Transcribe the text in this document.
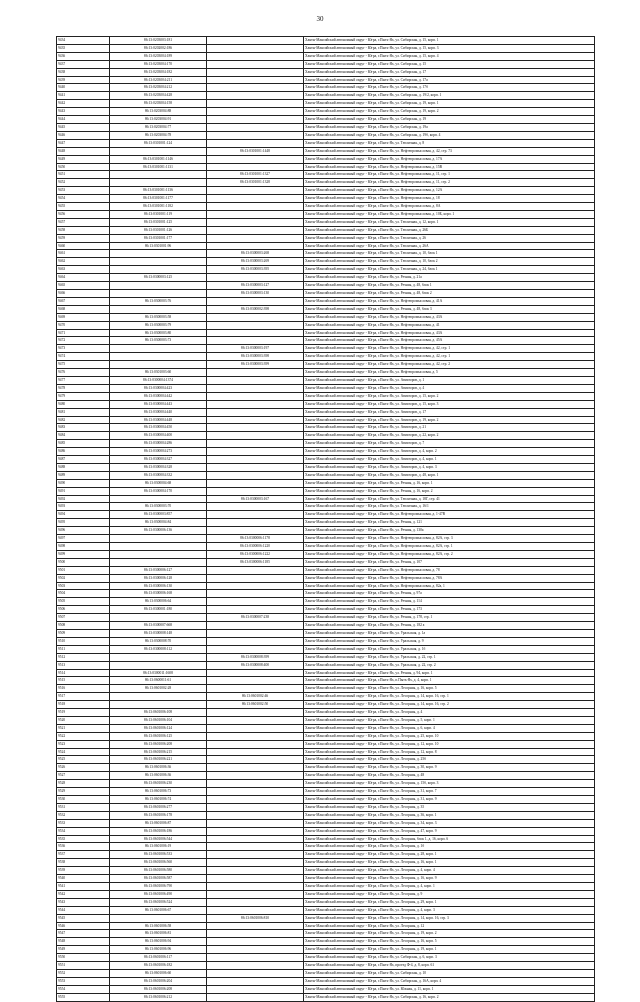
30
9434	86:13:0203003:181		Ханты-Мансийский автономный округ - Югра, г.Пыть-Ях, ул. Сибирская, д. 15, корп. 1
9435	86:13:0202002:186		Ханты-Мансийский автономный округ - Югра, г.Пыть-Ях, ул. Сибирская, д. 15, корп. 3
9436	86:13:0203004:189		Ханты-Мансийский автономный округ - Югра, г.Пыть-Ях, ул. Сибирская, д. 15, корп. 4
9437	86:13:0203004:170		Ханты-Мансийский автономный округ - Югра, г.Пыть-Ях, ул. Сибирская, д. 15
9438	86:13:0203004:182		Ханты-Мансийский автономный округ - Югра, г.Пыть-Ях, ул. Сибирская, д. 17
9439	86:13:0203004:211		Ханты-Мансийский автономный округ - Югра, г.Пыть-Ях, ул. Сибирская, д. 17а
9440	86:13:0203004:212		Ханты-Мансийский автономный округ - Югра, г.Пыть-Ях, ул. Сибирская, д. 17б
9441	86:13:0203004:428		Ханты-Мансийский автономный округ - Югра, г.Пыть-Ях, ул. Сибирская, д. 19/2, корп. 1
9442	86:13:0203004:158		Ханты-Мансийский автономный округ - Югра, г.Пыть-Ях, ул. Сибирская, д. 19, корп. 1
9443	86:13:0203004:88		Ханты-Мансийский автономный округ - Югра, г.Пыть-Ях, ул. Сибирская, д. 19, корп. 2
9444	86:13:0203004:91		Ханты-Мансийский автономный округ - Югра, г.Пыть-Ях, ул. Сибирская, д. 19
9445	86:13:0203004:77		Ханты-Мансийский автономный округ - Югра, г.Пыть-Ях, ул. Сибирская, д. 19а
9446	86:13:0203004:78		Ханты-Мансийский автономный округ - Югра, г.Пыть-Ях, ул. Сибирская, д. 19б, корп. 4
9447	86:13:0301001:124		Ханты-Мансийский автономный округ - Югра, г.Пыть-Ях, ул. Тепличная, д. 8
9448		86:13:0301001:1448	Ханты-Мансийский автономный округ - Югра, г.Пыть-Ях, ул. Нефтепромысловая, д. 42, стр. 73
9449	86:13:0301001:1146		Ханты-Мансийский автономный округ - Югра, г.Пыть-Ях, ул. Нефтепромысловая, д. 17А
9450	86:13:0301001:1131		Ханты-Мансийский автономный округ - Югра, г.Пыть-Ях, ул. Нефтепромысловая, д. 15В
9451		86:13:0301001:1327	Ханты-Мансийский автономный округ - Югра, г.Пыть-Ях, ул. Нефтепромысловая, д. 11, стр. 1
9452		86:13:0301001:1328	Ханты-Мансийский автономный округ - Югра, г.Пыть-Ях, ул. Нефтепромысловая, д. 11, стр. 2
9453	86:13:0301001:1136		Ханты-Мансийский автономный округ - Югра, г.Пыть-Ях, ул. Нефтепромысловая, д. 12А
9454	86:13:0301001:1177		Ханты-Мансийский автономный округ - Югра, г.Пыть-Ях, ул. Нефтепромысловая, д. 18
9455	86:13:0301001:1182		Ханты-Мансийский автономный округ - Югра, г.Пыть-Ях, ул. Нефтепромысловая, д. 8А
9456	86:13:0301001:119		Ханты-Мансийский автономный округ - Югра, г.Пыть-Ях, ул. Нефтепромысловая, д. 10Б, корп. 1
9457	86:13:0301001:125		Ханты-Мансийский автономный округ - Югра, г.Пыть-Ях, ул. Тепличная, д. 12, корп. 1
9458	86:13:0301001:126		Ханты-Мансийский автономный округ - Югра, г.Пыть-Ях, ул. Тепличная, д. 26Б
9459	86:13:0301001:177		Ханты-Мансийский автономный округ - Югра, г.Пыть-Ях, ул. Тепличная, д. 26
9460	86:13:0301001:96		Ханты-Мансийский автономный округ - Югра, г.Пыть-Ях, ул. Тепличная, д. 26А
9461		86:13:0300003:268	Ханты-Мансийский автономный округ - Югра, г.Пыть-Ях, ул. Тепличная, д. 10, блок 1
9462		86:13:0300003:269	Ханты-Мансийский автономный округ - Югра, г.Пыть-Ях, ул. Тепличная, д. 10, блок 2
9463		86:13:0300003:395	Ханты-Мансийский автономный округ - Югра, г.Пыть-Ях, ул. Тепличная, д. 24, блок 1
9464	86:13:0300003:125		Ханты-Мансийский автономный округ - Югра, г.Пыть-Ях, ул. Речная, д. 21а
9465		86:13:0300003:127	Ханты-Мансийский автономный округ - Югра, г.Пыть-Ях, ул. Речная, д. 48, блок 1
9466		86:13:0300003:130	Ханты-Мансийский автономный округ - Югра, г.Пыть-Ях, ул. Речная, д. 48, блок 2
9467	86:13:0300003:76		Ханты-Мансийский автономный округ - Югра, г.Пыть-Ях, ул. Нефтепромысловая, д. 41А
9468		86:13:0300002:398	Ханты-Мансийский автономный округ - Югра, г.Пыть-Ях, ул. Речная, д. 48, блок 3
9469	86:13:0300003:58		Ханты-Мансийский автономный округ - Югра, г.Пыть-Ях, ул. Нефтепромысловая, д. 43А
9470	86:13:0300003:79		Ханты-Мансийский автономный округ - Югра, г.Пыть-Ях, ул. Нефтепромысловая, д. 41
9471	86:13:0300003:80		Ханты-Мансийский автономный округ - Югра, г.Пыть-Ях, ул. Нефтепромысловая, д. 43А
9472	86:13:0300003:73		Ханты-Мансийский автономный округ - Югра, г.Пыть-Ях, ул. Нефтепромысловая, д. 45А
9473		86:13:0300003:197	Ханты-Мансийский автономный округ - Югра, г.Пыть-Ях, ул. Нефтепромысловая, д. 42, стр. 1
9474		86:13:0300003:398	Ханты-Мансийский автономный округ - Югра, г.Пыть-Ях, ул. Нефтепромысловая, д. 42, стр. 1
9475		86:13:0300003:399	Ханты-Мансийский автономный округ - Югра, г.Пыть-Ях, ул. Нефтепромысловая, д. 42, стр. 2
9476	86:13:0301003:60		Ханты-Мансийский автономный округ - Югра, г.Пыть-Ях, ул. Нефтепромысловая, д. 5
9477	86:13:0300004:1374		Ханты-Мансийский автономный округ - Югра, г.Пыть-Ях, ул. Авиаторов, д. 1
9478	86:13:0300004:423		Ханты-Мансийский автономный округ - Югра, г.Пыть-Ях, ул. Авиаторов, д. 4
9479	86:13:0300004:442		Ханты-Мансийский автономный округ - Югра, г.Пыть-Ях, ул. Авиаторов, д. 15, корп. 2
9480	86:13:0300004:443		Ханты-Мансийский автономный округ - Югра, г.Пыть-Ях, ул. Авиаторов, д. 15, корп. 3
9481	86:13:0300004:440		Ханты-Мансийский автономный округ - Югра, г.Пыть-Ях, ул. Авиаторов, д. 17
9482	86:13:0300004:448		Ханты-Мансийский автономный округ - Югра, г.Пыть-Ях, ул. Авиаторов, д. 19, корп. 2
9483	86:13:0300004:450		Ханты-Мансийский автономный округ - Югра, г.Пыть-Ях, ул. Авиаторов, д. 21
9484	86:13:0300004:400		Ханты-Мансийский автономный округ - Югра, г.Пыть-Ях, ул. Авиаторов, д. 22, корп. 2
9485	86:13:0300004:286		Ханты-Мансийский автономный округ - Югра, г.Пыть-Ях, ул. Авиаторов, д. 7
9486	86:13:0300004:273		Ханты-Мансийский автономный округ - Югра, г.Пыть-Ях, ул. Авиаторов, д. 4, корп. 2
9487	86:13:0300004:327		Ханты-Мансийский автономный округ - Югра, г.Пыть-Ях, ул. Авиаторов, д. 4, корп. 1
9488	86:13:0300004:328		Ханты-Мансийский автономный округ - Югра, г.Пыть-Ях, ул. Авиаторов, д. 4, корп. 3
9489	86:13:0300004:332		Ханты-Мансийский автономный округ - Югра, г.Пыть-Ях, ул. Авиаторов, д. 48, корп. 1
9490	86:13:0300004:68		Ханты-Мансийский автономный округ - Югра, г.Пыть-Ях, ул. Речная, д. 16, корп. 1
9491	86:13:0300004:170		Ханты-Мансийский автономный округ - Югра, г.Пыть-Ях, ул. Речная, д. 16, корп. 2
9492		86:13:0300003:167	Ханты-Мансийский автономный округ - Югра, г.Пыть-Ях, ул. Тепличная, д. 18Г, стр. 41
9493	86:13:0300003:70		Ханты-Мансийский автономный округ - Югра, г.Пыть-Ях, ул. Тепличная, д. 16/1
9494	86:13:0300003:857		Ханты-Мансийский автономный округ - Югра, г.Пыть-Ях, ул. Нефтепромысловая, д. 1-47В
9495	86:13:0300004:84		Ханты-Мансийский автономный округ - Югра, г.Пыть-Ях, ул. Речная, д. 121
9496	86:13:0300006:136		Ханты-Мансийский автономный округ - Югра, г.Пыть-Ях, ул. Речная, д. 130а
9497		86:13:0300006:1178	Ханты-Мансийский автономный округ - Югра, г.Пыть-Ях, ул. Нефтепромысловая, д. 82А, стр. 3
9498		86:13:0300006:1220	Ханты-Мансийский автономный округ - Югра, г.Пыть-Ях, ул. Нефтепромысловая, д. 82А, стр. 1
9499		86:13:0300006:1222	Ханты-Мансийский автономный округ - Югра, г.Пыть-Ях, ул. Нефтепромысловая, д. 82А, стр. 2
9500		86:13:0300006:1185	Ханты-Мансийский автономный округ - Югра, г.Пыть-Ях, ул. Речная, д. 107
9501	86:13:0300006:127		Ханты-Мансийский автономный округ - Югра, г.Пыть-Ях, ул. Нефтепромысловая, д. 78
9502	86:13:0300006:128		Ханты-Мансийский автономный округ - Югра, г.Пыть-Ях, ул. Нефтепромысловая, д. 78А
9503	86:13:0300006:130		Ханты-Мансийский автономный округ - Югра, г.Пыть-Ях, ул. Нефтепромысловая, д. 82а, 1
9504	86:13:0300006:168		Ханты-Мансийский автономный округ - Югра, г.Пыть-Ях, ул. Речная, д. 97а
9505	86:13:0300006:64		Ханты-Мансийский автономный округ - Югра, г.Пыть-Ях, ул. Речная, д. 114
9506	86:13:0300001:180		Ханты-Мансийский автономный округ - Югра, г.Пыть-Ях, ул. Речная, д. 173
9507		86:13:0300007:238	Ханты-Мансийский автономный округ - Югра, г.Пыть-Ях, ул. Речная, д. 178, стр. 1
9508	86:13:0300007:668		Ханты-Мансийский автономный округ - Югра, г.Пыть-Ях, ул. Речная, д. 182 а
9509	86:13:0300008:148		Ханты-Мансийский автономный округ - Югра, г.Пыть-Ях, ул. Уральская, д. 1а
9510	86:13:0300008:70		Ханты-Мансийский автономный округ - Югра, г.Пыть-Ях, ул. Уральская, д. 9
9511	86:13:0300008:112		Ханты-Мансийский автономный округ - Югра, г.Пыть-Ях, ул. Уральская, д. 1б
9512		86:13:0300008:399	Ханты-Мансийский автономный округ - Югра, г.Пыть-Ях, ул. Уральская, д. 22, стр. 1
9513		86:13:0300008:400	Ханты-Мансийский автономный округ - Югра, г.Пыть-Ях, ул. Уральская, д. 22, стр. 2
9514	86:13:0300011:1608		Ханты-Мансийский автономный округ - Югра, г.Пыть-Ях, ул. Речная, д. 94, корп. 1
9515	86:13:0600011:61		Ханты-Мансийский автономный округ - Югра, г.Пыть-Ях, п.Пыть-Ях, д. 4, корп. 1
9516	86:13:0601002:28		Ханты-Мансийский автономный округ - Югра, г.Пыть-Ях, ул. Лесорная, д. 16, корп. 5
9517		86:13:0601002:46	Ханты-Мансийский автономный округ - Югра, г.Пыть-Ях, ул. Лесорная, д. 14, корп. 16, стр. 1
9518		86:13:0601002:50	Ханты-Мансийский автономный округ - Югра, г.Пыть-Ях, ул. Лесорная, д. 14, корп. 16, стр. 2
9519	86:13:0601006:108		Ханты-Мансийский автономный округ - Югра, г.Пыть-Ях, ул. Лесорная, д. 4
9520	86:13:0601006:104		Ханты-Мансийский автономный округ - Югра, г.Пыть-Ях, ул. Лесорная, д. 5, корп. 1
9521	86:13:0601006:124		Ханты-Мансийский автономный округ - Югра, г.Пыть-Ях, ул. Лесорная, д. 6, корп. 4
9522	86:13:0601006:125		Ханты-Мансийский автономный округ - Югра, г.Пыть-Ях, ул. Лесорная, д. 25, корп. 10
9523	86:13:0601006:208		Ханты-Мансийский автономный округ - Югра, г.Пыть-Ях, ул. Лесорная, д. 12, корп. 10
9524	86:13:0601006:215		Ханты-Мансийский автономный округ - Югра, г.Пыть-Ях, ул. Лесорная, д. 12, корп. 8
9525	86:13:0601006:221		Ханты-Мансийский автономный округ - Югра, г.Пыть-Ях, ул. Лесорная, д. 25б
9526	86:13:0601006:36		Ханты-Мансийский автономный округ - Югра, г.Пыть-Ях, ул. Лесорная, д. 30, корп. 9
9527	86:13:0601006:36		Ханты-Мансийский автономный округ - Югра, г.Пыть-Ях, ул. Лесорная, д. 48
9528	86:13:0601006:230		Ханты-Мансийский автономный округ - Югра, г.Пыть-Ях, ул. Лесорная, д. 15б, корп. 3
9529	86:13:0601006:73		Ханты-Мансийский автономный округ - Югра, г.Пыть-Ях, ул. Лесорная, д. 31, корп. 7
9530	86:13:0601006:74		Ханты-Мансийский автономный округ - Югра, г.Пыть-Ях, ул. Лесорная, д. 31, корп. 9
9531	86:13:0601006:277		Ханты-Мансийский автономный округ - Югра, г.Пыть-Ях, ул. Лесорная, д. 35
9532	86:13:0601006:178		Ханты-Мансийский автономный округ - Югра, г.Пыть-Ях, ул. Лесорная, д. 36, корп. 1
9533	86:13:0601006:87		Ханты-Мансийский автономный округ - Югра, г.Пыть-Ях, ул. Лесорная, д. 34, корп. 3
9534	86:13:0601006:186		Ханты-Мансийский автономный округ - Югра, г.Пыть-Ях, ул. Лесорная, д. 47, корп. 9
9535	86:13:0601006:544		Ханты-Мансийский автономный округ - Югра, г.Пыть-Ях, ул. Лесорная, блок 1, д. 16, корп. 6
9536	86:13:0601006:19		Ханты-Мансийский автономный округ - Югра, г.Пыть-Ях, ул. Лесорная, д. 1б
9537	86:13:0601006:533		Ханты-Мансийский автономный округ - Югра, г.Пыть-Ях, ул. Лесорная, д. 28, корп. 1
9538	86:13:0601006:560		Ханты-Мансийский автономный округ - Югра, г.Пыть-Ях, ул. Лесорная, д. 16, корп. 1
9539	86:13:0601006:580		Ханты-Мансийский автономный округ - Югра, г.Пыть-Ях, ул. Лесорная, д. 4, корп. 4
9540	86:13:0601006:587		Ханты-Мансийский автономный округ - Югра, г.Пыть-Ях, ул. Лесорная, д. 16, корп. 9
9541	86:13:0601006:790		Ханты-Мансийский автономный округ - Югра, г.Пыть-Ях, ул. Лесорная, д. 4, корп. 1
9542	86:13:0601006:490		Ханты-Мансийский автономный округ - Югра, г.Пыть-Ях, ул. Лесорная, д. 9
9543	86:13:0601006:524		Ханты-Мансийский автономный округ - Югра, г.Пыть-Ях, ул. Лесорная, д. 29, корп. 1
9544	86:13:0601006:67		Ханты-Мансийский автономный округ - Югра, г.Пыть-Ях, ул. Лесорная, д. 4, корп. 3
9545		86:13:0601006:810	Ханты-Мансийский автономный округ - Югра, г.Пыть-Ях, ул. Лесорная, д. 14, корп. 16, стр. 3
9546	86:13:0601006:58		Ханты-Мансийский автономный округ - Югра, г.Пыть-Ях, ул. Лесорная, д. 12
9547	86:13:0601006:81		Ханты-Мансийский автономный округ - Югра, г.Пыть-Ях, ул. Лесорная, д. 19, корп. 2
9548	86:13:0601006:94		Ханты-Мансийский автономный округ - Югра, г.Пыть-Ях, ул. Лесорная, д. 16, корп. 5
9549	86:13:0601006:96		Ханты-Мансийский автономный округ - Югра, г.Пыть-Ях, ул. Лесорная, д. 19, корп. 1
9550	86:13:0601006:117		Ханты-Мансийский автономный округ - Югра, г.Пыть-Ях, ул. Сибирская, д. 6, корп. 3
9551	86:13:0601006:182		Ханты-Мансийский автономный округ - Югра, г.Пыть-Ях, проезд Ф-4, д. 8, корп. 61
9552	86:13:0601006:60		Ханты-Мансийский автономный округ - Югра, г.Пыть-Ях, ул. Сибирская, д. 10
9553	86:13:0601006:204		Ханты-Мансийский автономный округ - Югра, г.Пыть-Ях, ул. Сибирская, д. 16А, корп. 4
9554	86:13:0601006:208		Ханты-Мансийский автономный округ - Югра, г.Пыть-Ях, ул. Южная, д. 11, корп. 1
9555	86:13:0601006:212		Ханты-Мансийский автономный округ - Югра, г.Пыть-Ях, ул. Сибирская, д. 16, корп. 2
